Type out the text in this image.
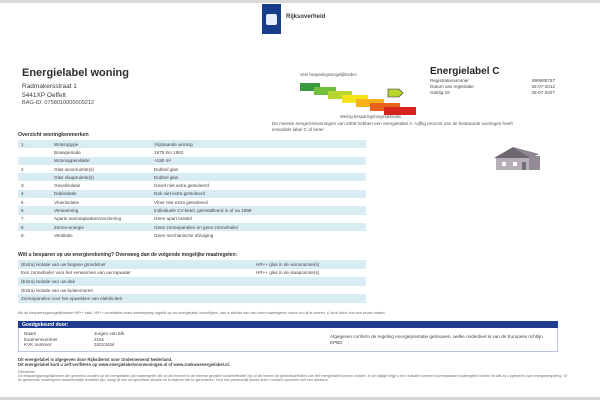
Rijksoverheid
Energielabel woning
Radmakersstraat 1
5441XP Oeffelt
BAG-ID: 0758010000009212
Veel besparingsmogelijkheden
Weinig besparingsmogelijkheden
Energielabel C
Registratienummer	899985787
Datum van registratie	28-07-2012
Geldig tot	28-07-2027
De meeste eengezinswoningen van 2006 hebben een energielabel A. Vijftig procent van de bestaande woningen heeft inmiddels label C of beter.
Overzicht woningkenmerken
1.	Woningtype	Vrijstaande woning
	Bouwperiode	1975 t/m 1982
	Woonoppervlakte	+190 m²
2.	Glas woonruimte(s)	Dubbel glas
	Glas slaapruimte(s)	Dubbel glas
3.	Gevelisolatie	Gevel niet extra geïsoleerd
4.	Dakisolatie	Dak niet extra geïsoleerd
5.	Vloerisolatie	Vloer niet extra geïsoleerd
6.	Verwarming	Individuele CV-ketel, geïnstalleerd in of na 1998
7.	Aparte warmtapwatervoorziening	Geen apart toestel
8.	Zonne-energie	Geen zonnepanelen en geen zonneboiler
9.	Ventilatie	Geen mechanische afzuiging
Wilt u besparen op uw energierekening? Overweeg dan de volgende mogelijke maatregelen:
(Extra) isolatie van uw begane grondvloer	HR++ glas in de woonruimte(s)
Een zonneboiler voor het verwarmen van uw tapwater	HR++ glas in de slaapruimte(s)
(Extra) isolatie van uw dak	
(Extra) isolatie van uw buitenmuren	
Zonnepanelen voor het opwekken van elektriciteit	
Als de bespaeringsmogelijkheden HR++-kaal, HR++-combiketel zoals warmtepomp lageldt op uw energielabel verschijnen, dan is slechts één van deze maatregelen zinvol om uit te voeren. U kunt hierin dus een keuze maken.
Goedgekeurd door:
Naam	Jurgen van Elk
Examennummer	2161
KVK nummer	34013444
Afgegeven conform de regeling energieprestatie gebouwen, welke onderdeel is van de Europese richtlijn EPBD
Dit energielabel is afgegeven door Rijksdienst voor Ondernemend Nederland.
Dit energielabel kunt u zelf verifiëren op www.energielabelvoorwoningen.nl of www.zoekuwenergielabel.nl.
Disclaimer
De besparingsmogelijkheden die genoemd worden op dit energielabel zijn maatregelen die op dit moment in de meeste gevallen kosteneffectief zijn of die binnen de gebiedsdefinities van het energielabel kunnen worden. In de bijlage krijgt u een indicatie hoeveel bovenstaande maatregelen kosten en wat zij u opleveren aan energiebesparing. Of de genoemde maatregelen daadwerkelijk rendabel zijn, hangt af van uw specifieke situatie en is daarom niet te garanderen. Voor een persoonlijk advies kunt u contact opnemen met een adviseur.
